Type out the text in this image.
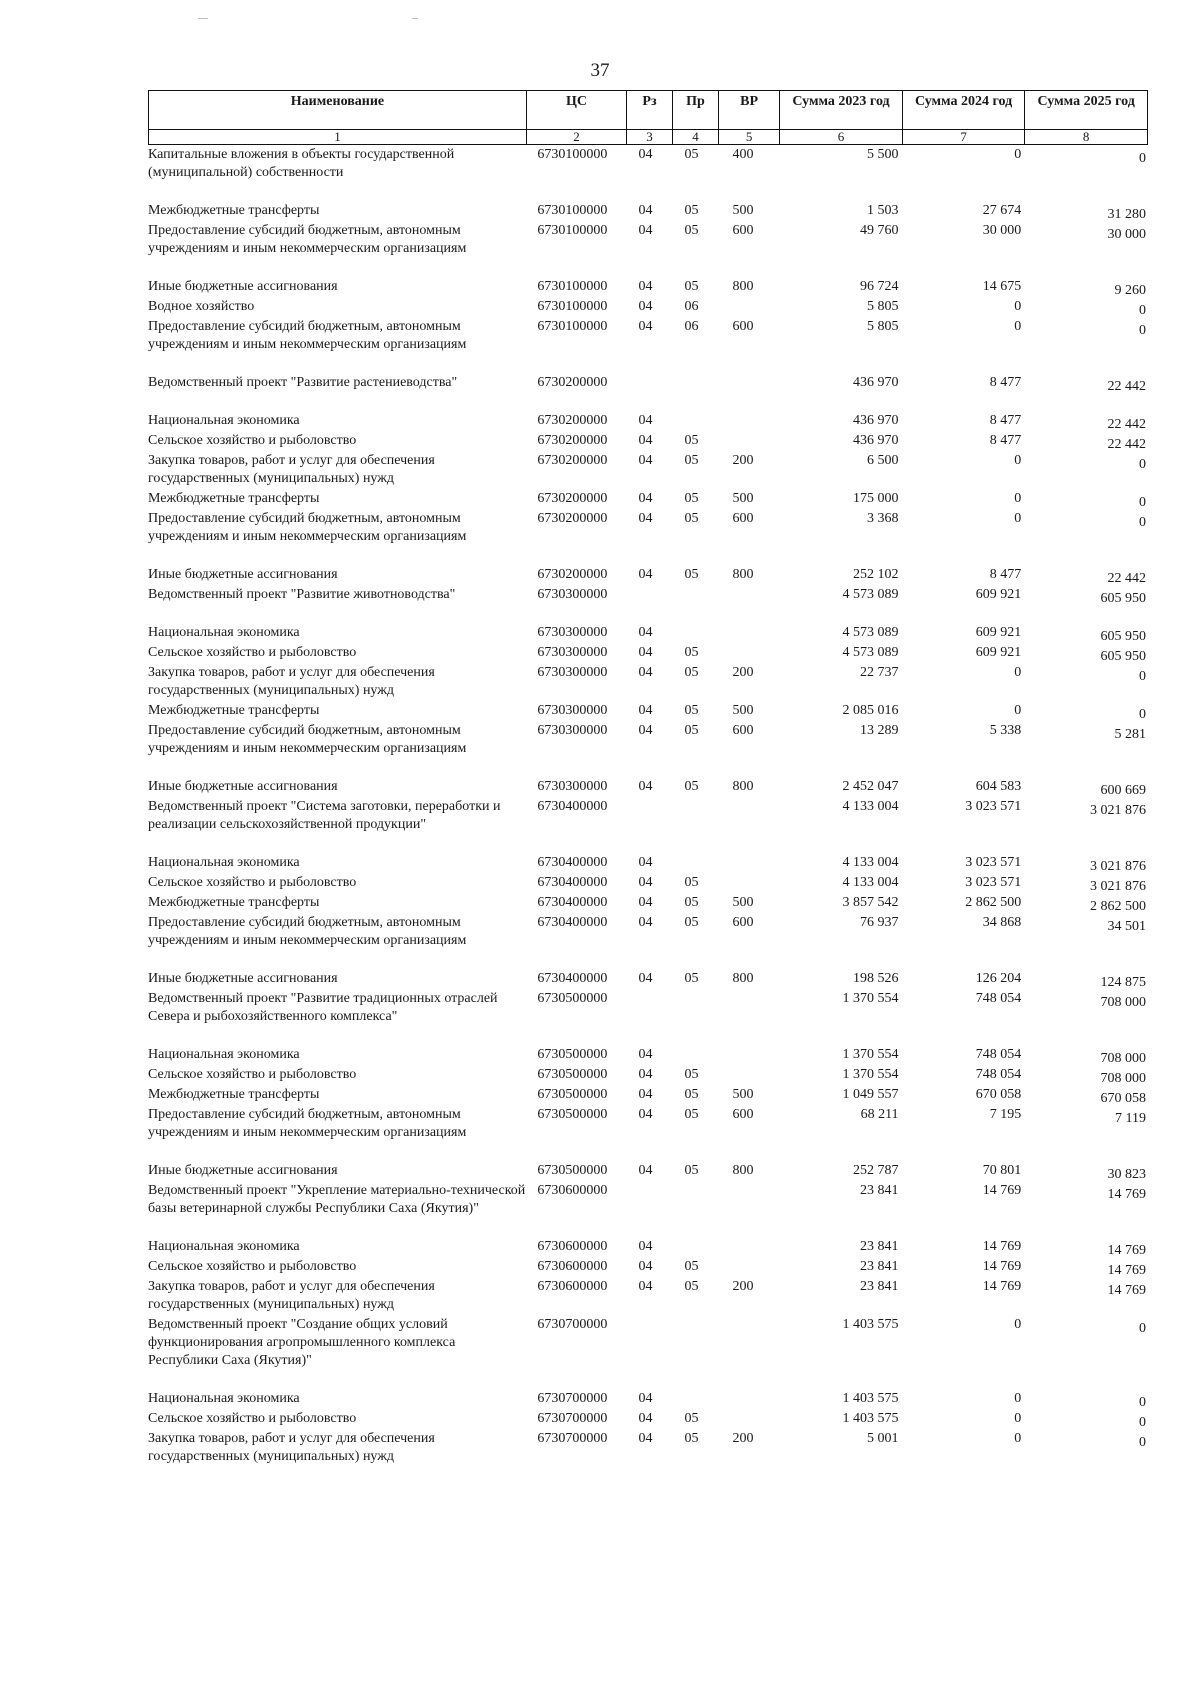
37
Наименование	ЦС	Рз	Пр	ВР	Сумма 2023 год	Сумма 2024 год	Сумма 2025 год
1	2	3	4	5	6	7	8
Капитальные вложения в объекты государственной (муниципальной) собственности	6730100000	04	05	400	5 500	0	0
Межбюджетные трансферты	6730100000	04	05	500	1 503	27 674	31 280
Предоставление субсидий бюджетным, автономным учреждениям и иным некоммерческим организациям	6730100000	04	05	600	49 760	30 000	30 000
Иные бюджетные ассигнования	6730100000	04	05	800	96 724	14 675	9 260
Водное хозяйство	6730100000	04	06		5 805	0	0
Предоставление субсидий бюджетным, автономным учреждениям и иным некоммерческим организациям	6730100000	04	06	600	5 805	0	0
Ведомственный проект "Развитие растениеводства"	6730200000				436 970	8 477	22 442
Национальная экономика	6730200000	04			436 970	8 477	22 442
Сельское хозяйство и рыболовство	6730200000	04	05		436 970	8 477	22 442
Закупка товаров, работ и услуг для обеспечения государственных (муниципальных) нужд	6730200000	04	05	200	6 500	0	0
Межбюджетные трансферты	6730200000	04	05	500	175 000	0	0
Предоставление субсидий бюджетным, автономным учреждениям и иным некоммерческим организациям	6730200000	04	05	600	3 368	0	0
Иные бюджетные ассигнования	6730200000	04	05	800	252 102	8 477	22 442
Ведомственный проект "Развитие животноводства"	6730300000				4 573 089	609 921	605 950
Национальная экономика	6730300000	04			4 573 089	609 921	605 950
Сельское хозяйство и рыболовство	6730300000	04	05		4 573 089	609 921	605 950
Закупка товаров, работ и услуг для обеспечения государственных (муниципальных) нужд	6730300000	04	05	200	22 737	0	0
Межбюджетные трансферты	6730300000	04	05	500	2 085 016	0	0
Предоставление субсидий бюджетным, автономным учреждениям и иным некоммерческим организациям	6730300000	04	05	600	13 289	5 338	5 281
Иные бюджетные ассигнования	6730300000	04	05	800	2 452 047	604 583	600 669
Ведомственный проект "Система заготовки, переработки и реализации сельскохозяйственной продукции"	6730400000				4 133 004	3 023 571	3 021 876
Национальная экономика	6730400000	04			4 133 004	3 023 571	3 021 876
Сельское хозяйство и рыболовство	6730400000	04	05		4 133 004	3 023 571	3 021 876
Межбюджетные трансферты	6730400000	04	05	500	3 857 542	2 862 500	2 862 500
Предоставление субсидий бюджетным, автономным учреждениям и иным некоммерческим организациям	6730400000	04	05	600	76 937	34 868	34 501
Иные бюджетные ассигнования	6730400000	04	05	800	198 526	126 204	124 875
Ведомственный проект "Развитие традиционных отраслей Севера и рыбохозяйственного комплекса"	6730500000				1 370 554	748 054	708 000
Национальная экономика	6730500000	04			1 370 554	748 054	708 000
Сельское хозяйство и рыболовство	6730500000	04	05		1 370 554	748 054	708 000
Межбюджетные трансферты	6730500000	04	05	500	1 049 557	670 058	670 058
Предоставление субсидий бюджетным, автономным учреждениям и иным некоммерческим организациям	6730500000	04	05	600	68 211	7 195	7 119
Иные бюджетные ассигнования	6730500000	04	05	800	252 787	70 801	30 823
Ведомственный проект "Укрепление материально-технической базы ветеринарной службы Республики Саха (Якутия)"	6730600000				23 841	14 769	14 769
Национальная экономика	6730600000	04			23 841	14 769	14 769
Сельское хозяйство и рыболовство	6730600000	04	05		23 841	14 769	14 769
Закупка товаров, работ и услуг для обеспечения государственных (муниципальных) нужд	6730600000	04	05	200	23 841	14 769	14 769
Ведомственный проект "Создание общих условий функционирования агропромышленного комплекса Республики Саха (Якутия)"	6730700000				1 403 575	0	0
Национальная экономика	6730700000	04			1 403 575	0	0
Сельское хозяйство и рыболовство	6730700000	04	05		1 403 575	0	0
Закупка товаров, работ и услуг для обеспечения государственных (муниципальных) нужд	6730700000	04	05	200	5 001	0	0
